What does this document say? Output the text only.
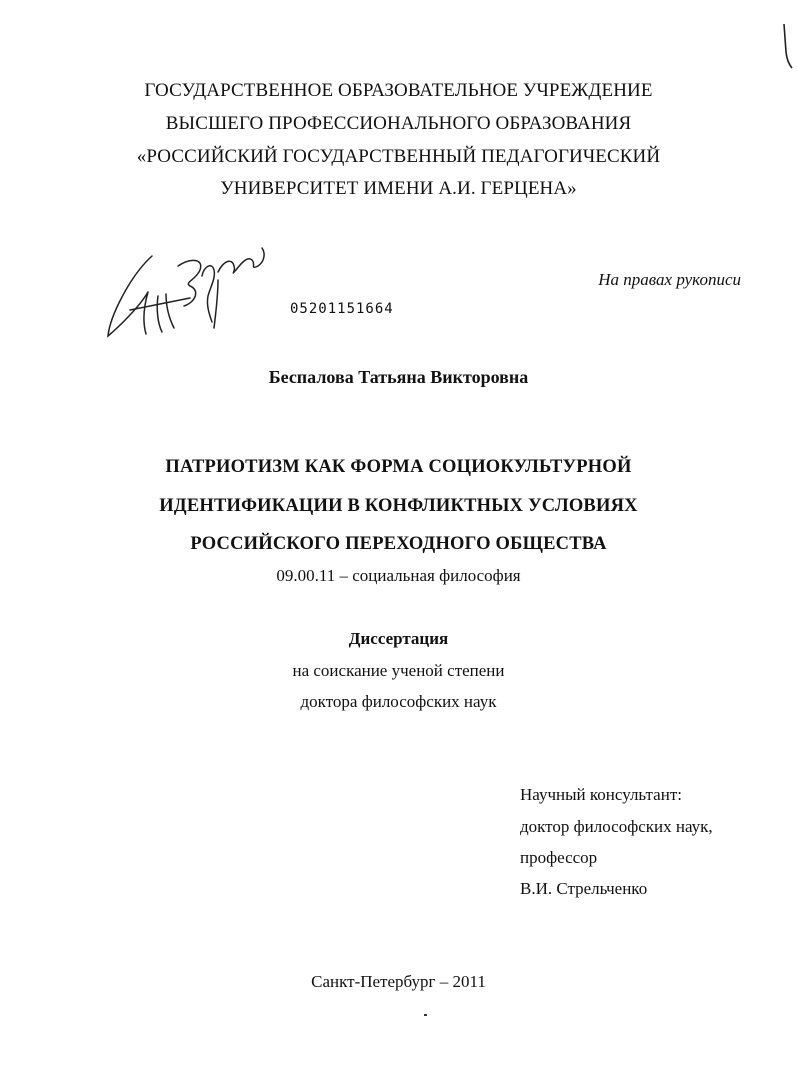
ГОСУДАРСТВЕННОЕ ОБРАЗОВАТЕЛЬНОЕ УЧРЕЖДЕНИЕ
ВЫСШЕГО ПРОФЕССИОНАЛЬНОГО ОБРАЗОВАНИЯ
«РОССИЙСКИЙ ГОСУДАРСТВЕННЫЙ ПЕДАГОГИЧЕСКИЙ
УНИВЕРСИТЕТ ИМЕНИ А.И. ГЕРЦЕНА»
На правах рукописи
05201151664
Беспалова Татьяна Викторовна
ПАТРИОТИЗМ КАК ФОРМА СОЦИОКУЛЬТУРНОЙ
ИДЕНТИФИКАЦИИ В КОНФЛИКТНЫХ УСЛОВИЯХ
РОССИЙСКОГО ПЕРЕХОДНОГО ОБЩЕСТВА
09.00.11 – социальная философия
Диссертация
на соискание ученой степени
доктора философских наук
Научный консультант:
доктор философских наук,
профессор
В.И. Стрельченко
Санкт-Петербург – 2011
